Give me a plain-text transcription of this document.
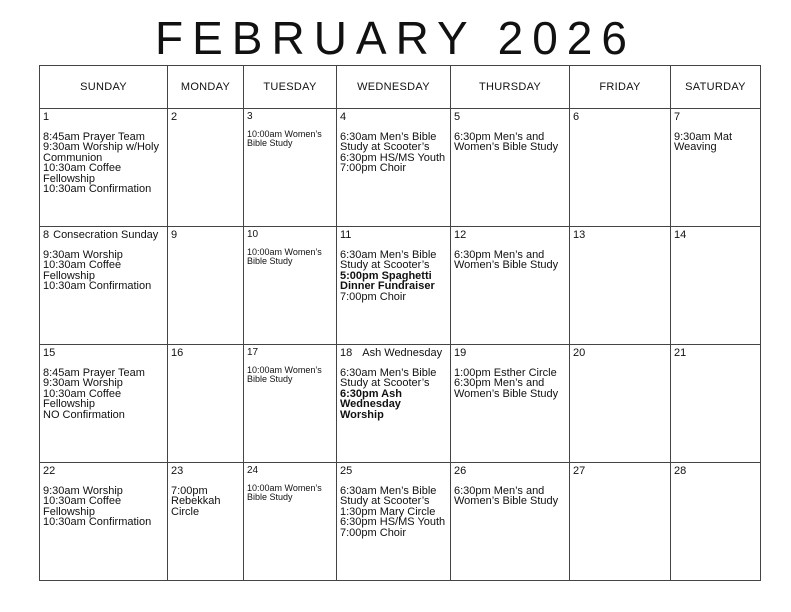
FEBRUARY 2026
SUNDAY	MONDAY	TUESDAY	WEDNESDAY	THURSDAY	FRIDAY	SATURDAY

1
8:45am Prayer Team
9:30am Worship w/Holy Communion
10:30am Coffee Fellowship
10:30am Confirmation	2	3
10:00am Women’s Bible Study	4
6:30am Men’s Bible Study at Scooter’s
6:30pm HS/MS Youth
7:00pm Choir	5
6:30pm Men’s and Women’s Bible Study	6	7
9:30am Mat Weaving

8 Consecration Sunday
9:30am Worship
10:30am Coffee Fellowship
10:30am Confirmation	9	10
10:00am Women’s Bible Study	11
6:30am Men’s Bible Study at Scooter’s
5:00pm Spaghetti Dinner Fundraiser
7:00pm Choir	12
6:30pm Men’s and Women’s Bible Study	13	14

15
8:45am Prayer Team
9:30am Worship
10:30am Coffee Fellowship
NO Confirmation	16	17
10:00am Women’s Bible Study	18 Ash Wednesday
6:30am Men’s Bible Study at Scooter’s
6:30pm Ash Wednesday Worship	19
1:00pm Esther Circle
6:30pm Men’s and Women’s Bible Study	20	21

22
9:30am Worship
10:30am Coffee Fellowship
10:30am Confirmation	23
7:00pm Rebekkah Circle	24
10:00am Women’s Bible Study	25
6:30am Men’s Bible Study at Scooter’s
1:30pm Mary Circle
6:30pm HS/MS Youth
7:00pm Choir	26
6:30pm Men’s and Women’s Bible Study	27	28
